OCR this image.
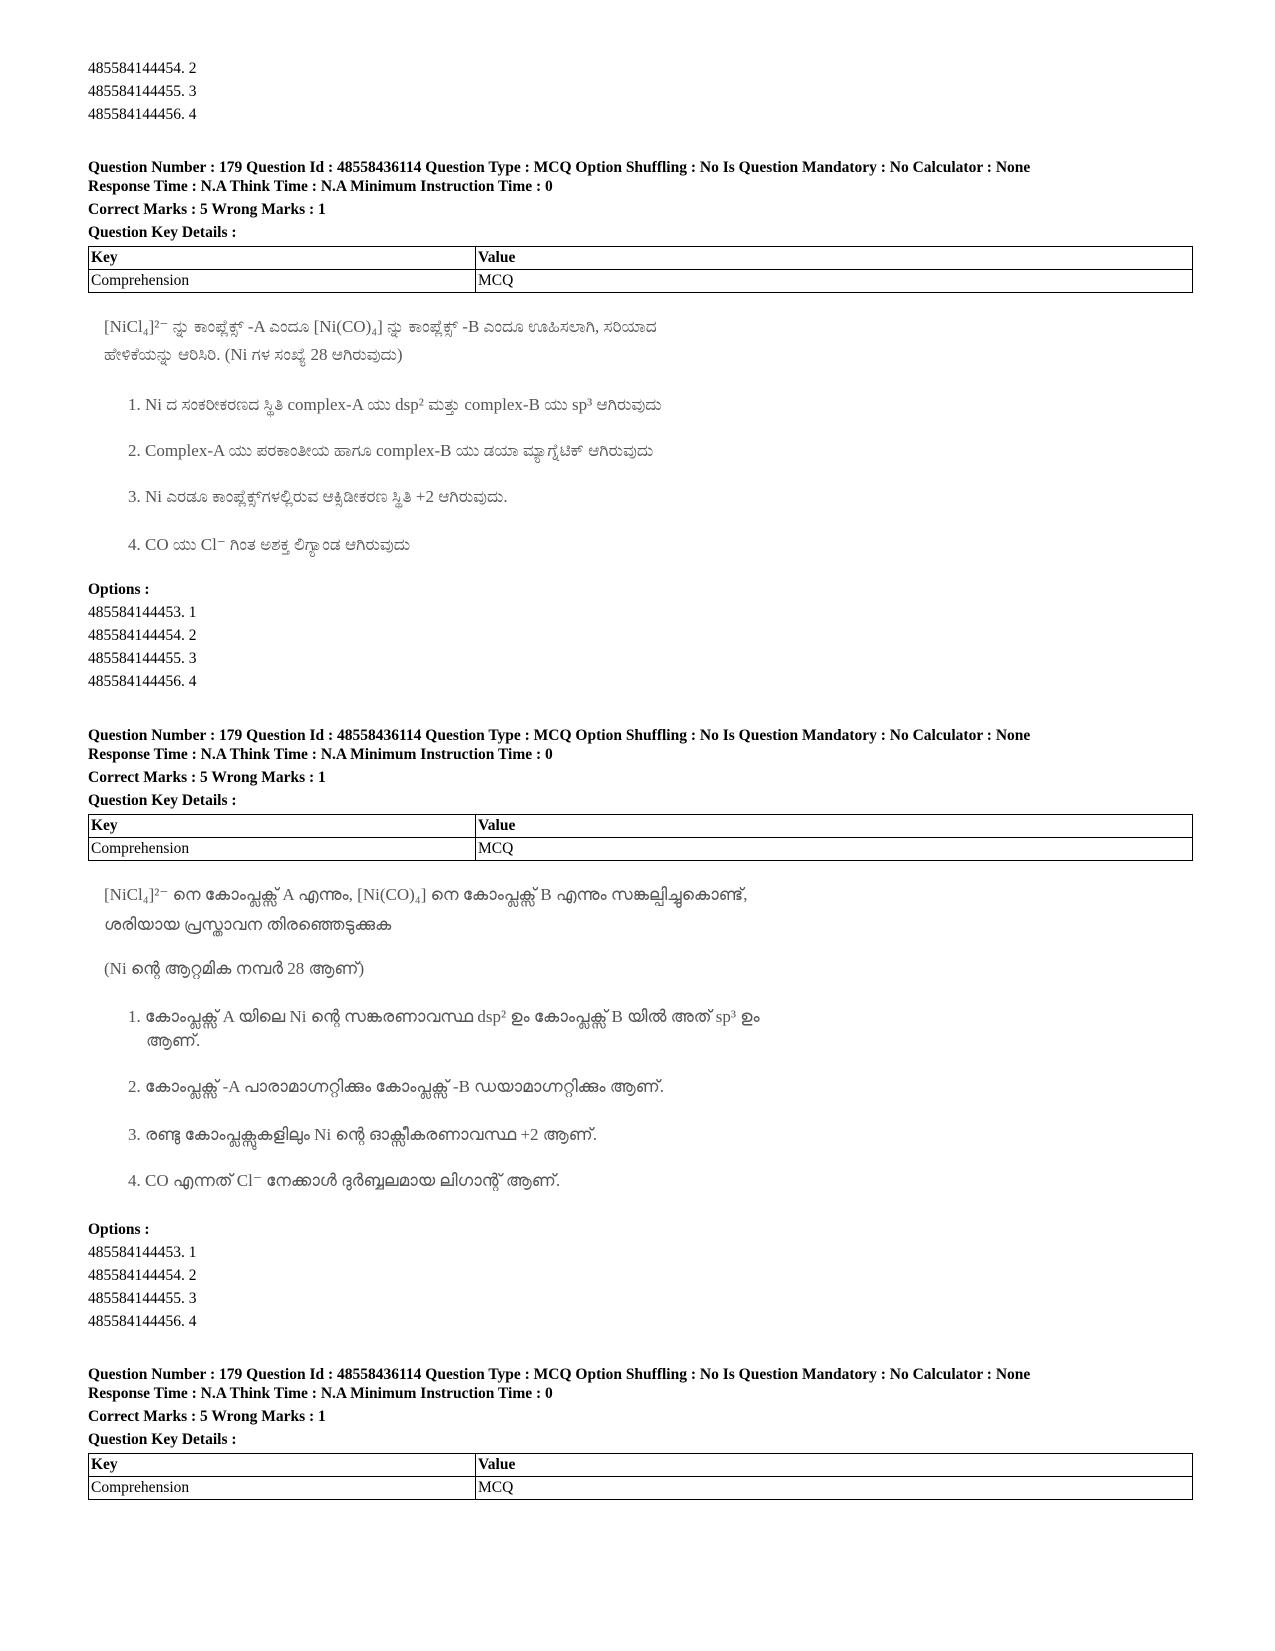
485584144454. 2
485584144455. 3
485584144456. 4
Question Number : 179 Question Id : 48558436114 Question Type : MCQ Option Shuffling : No Is Question Mandatory : No Calculator : None
Response Time : N.A Think Time : N.A Minimum Instruction Time : 0
Correct Marks : 5 Wrong Marks : 1
Question Key Details :
Key	Value
Comprehension	MCQ
[NiCl₄]²⁻ ನ್ನು ಕಾಂಪ್ಲೆಕ್ಸ್ -A ಎಂದೂ [Ni(CO)₄] ನ್ನು ಕಾಂಪ್ಲೆಕ್ಸ್ -B ಎಂದೂ ಊಹಿಸಲಾಗಿ, ಸರಿಯಾದ
ಹೇಳಿಕೆಯನ್ನು ಆರಿಸಿರಿ. (Ni ಗಳ ಸಂಖ್ಯೆ 28 ಆಗಿರುವುದು)
1. Ni ದ ಸಂಕರೀಕರಣದ ಸ್ಥಿತಿ complex-A ಯು dsp² ಮತ್ತು complex-B ಯು sp³ ಆಗಿರುವುದು
2. Complex-A ಯು ಪರಕಾಂತೀಯ ಹಾಗೂ complex-B ಯು ಡಯಾ ಮ್ಯಾಗ್ನೆಟಿಕ್ ಆಗಿರುವುದು
3. Ni ಎರಡೂ ಕಾಂಪ್ಲೆಕ್ಸ್‌ಗಳಲ್ಲಿರುವ ಆಕ್ಸಿಡೀಕರಣ ಸ್ಥಿತಿ +2 ಆಗಿರುವುದು.
4. CO ಯು Cl⁻ ಗಿಂತ ಅಶಕ್ತ ಲಿಗ್ಯಾಂಡ ಆಗಿರುವುದು
Options :
485584144453. 1
485584144454. 2
485584144455. 3
485584144456. 4
Question Number : 179 Question Id : 48558436114 Question Type : MCQ Option Shuffling : No Is Question Mandatory : No Calculator : None
Response Time : N.A Think Time : N.A Minimum Instruction Time : 0
Correct Marks : 5 Wrong Marks : 1
Question Key Details :
Key	Value
Comprehension	MCQ
[NiCl₄]²⁻ നെ കോംപ്ലക്സ് A എന്നും, [Ni(CO)₄] നെ കോംപ്ലക്സ് B എന്നും സങ്കല്പിച്ചുകൊണ്ട്,
ശരിയായ പ്രസ്താവന തിരഞ്ഞെടുക്കുക
(Ni ന്റെ ആറ്റമിക നമ്പർ 28 ആണ്)
1. കോംപ്ലക്സ് A യിലെ Ni ന്റെ സങ്കരണാവസ്ഥ dsp² ഉം കോംപ്ലക്സ് B യിൽ അത് sp³ ഉം
ആണ്.
2. കോംപ്ലക്സ് -A പാരാമാഗ്നറ്റിക്കും കോംപ്ലക്സ് -B ഡയാമാഗ്നറ്റിക്കും ആണ്.
3. രണ്ടു കോംപ്ലക്സുകളിലും Ni ന്റെ ഓക്സീകരണാവസ്ഥ +2 ആണ്.
4. CO എന്നത് Cl⁻ നേക്കാൾ ദുർബ്ബലമായ ലിഗാന്റ് ആണ്.
Options :
485584144453. 1
485584144454. 2
485584144455. 3
485584144456. 4
Question Number : 179 Question Id : 48558436114 Question Type : MCQ Option Shuffling : No Is Question Mandatory : No Calculator : None
Response Time : N.A Think Time : N.A Minimum Instruction Time : 0
Correct Marks : 5 Wrong Marks : 1
Question Key Details :
Key	Value
Comprehension	MCQ
